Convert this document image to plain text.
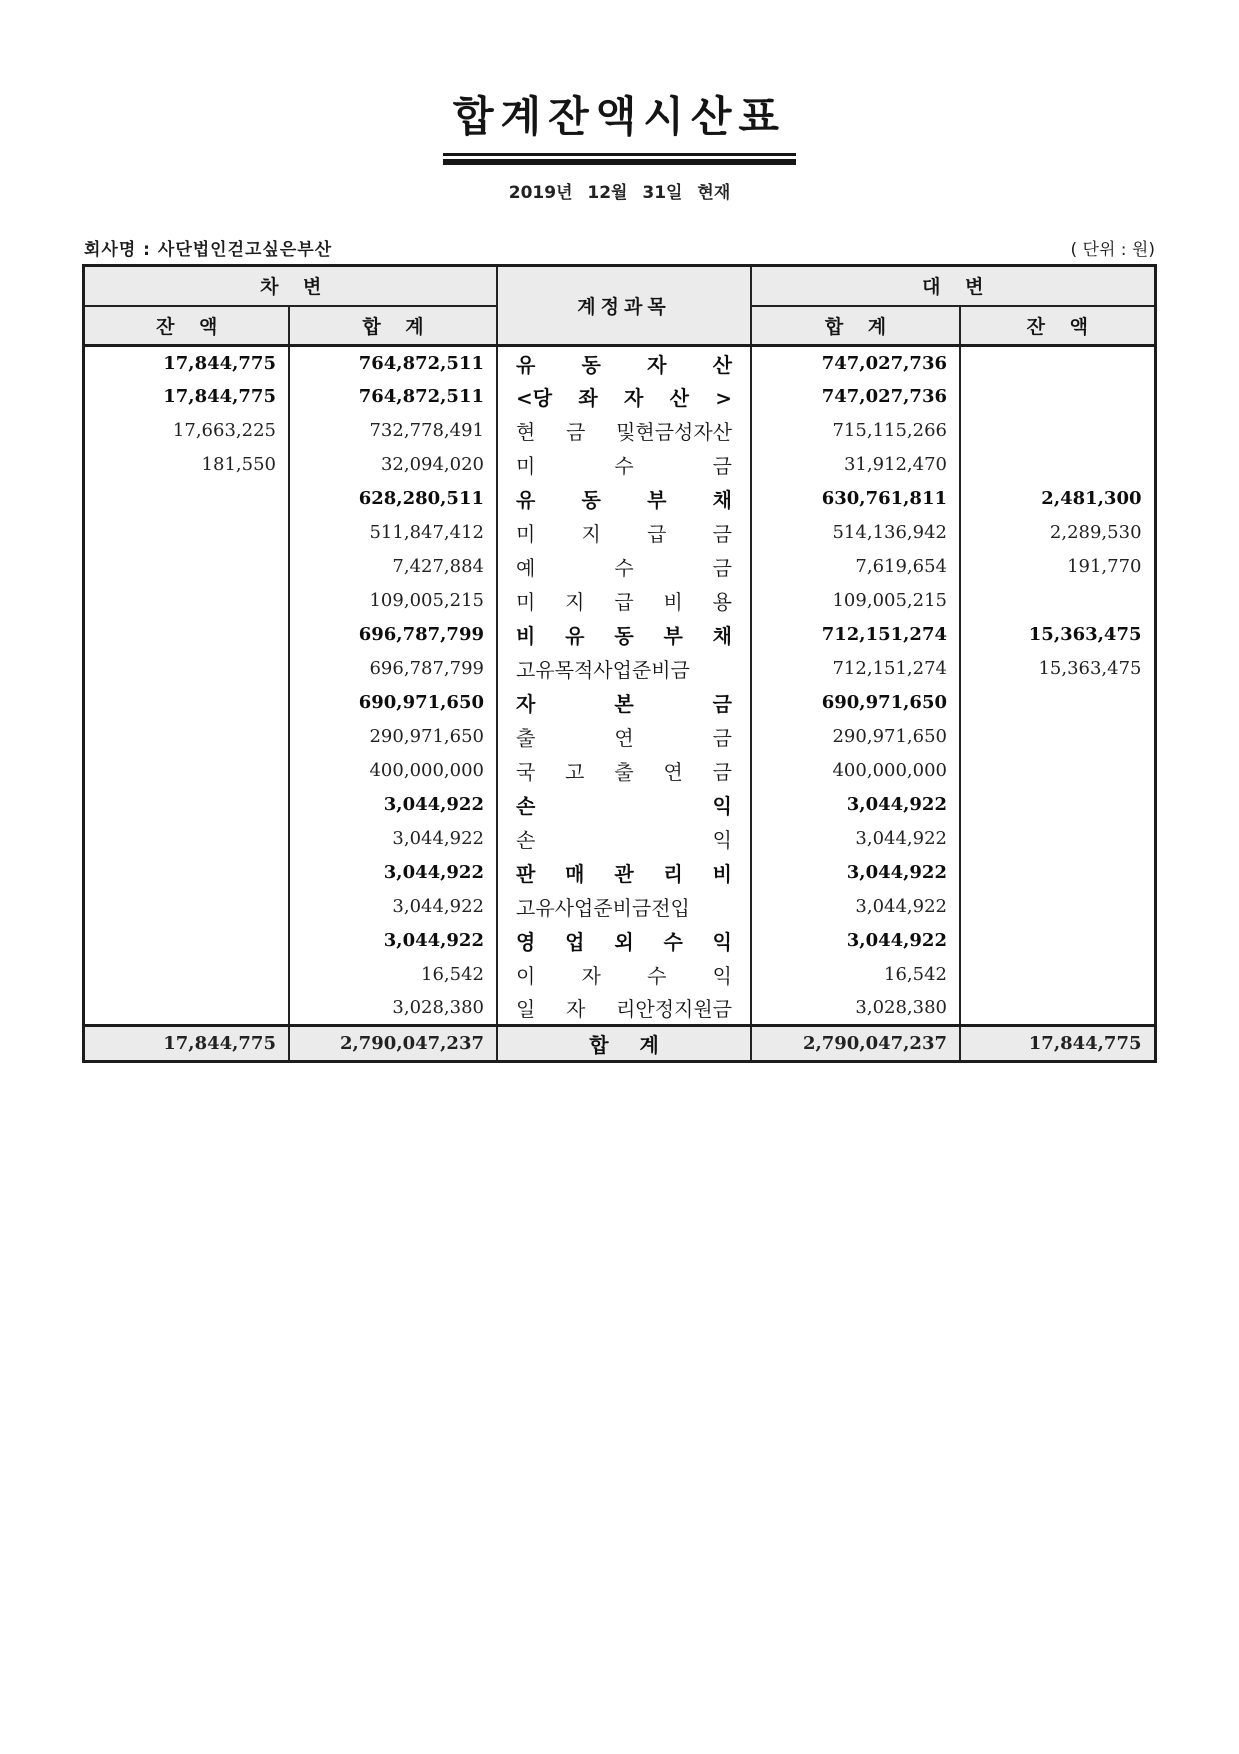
합계잔액시산표
2019년 12월 31일 현재
회사명 : 사단법인걷고싶은부산	( 단위 : 원)
차 변		계정과목	대 변	
잔 액	합 계		합 계	잔 액
17,844,775	764,872,511	유 동 자 산	747,027,736	
17,844,775	764,872,511	<당 좌 자 산 >	747,027,736	
17,663,225	732,778,491	현 금 및현금성자산	715,115,266	
181,550	32,094,020	미 수 금	31,912,470	
	628,280,511	유 동 부 채	630,761,811	2,481,300
	511,847,412	미 지 급 금	514,136,942	2,289,530
	7,427,884	예 수 금	7,619,654	191,770
	109,005,215	미 지 급 비 용	109,005,215	
	696,787,799	비 유 동 부 채	712,151,274	15,363,475
	696,787,799	고유목적사업준비금	712,151,274	15,363,475
	690,971,650	자 본 금	690,971,650	
	290,971,650	출 연 금	290,971,650	
	400,000,000	국 고 출 연 금	400,000,000	
	3,044,922	손 익	3,044,922	
	3,044,922	손 익	3,044,922	
	3,044,922	판 매 관 리 비	3,044,922	
	3,044,922	고유사업준비금전입	3,044,922	
	3,044,922	영 업 외 수 익	3,044,922	
	16,542	이 자 수 익	16,542	
	3,028,380	일 자 리안정지원금	3,028,380	
17,844,775	2,790,047,237	합 계	2,790,047,237	17,844,775
